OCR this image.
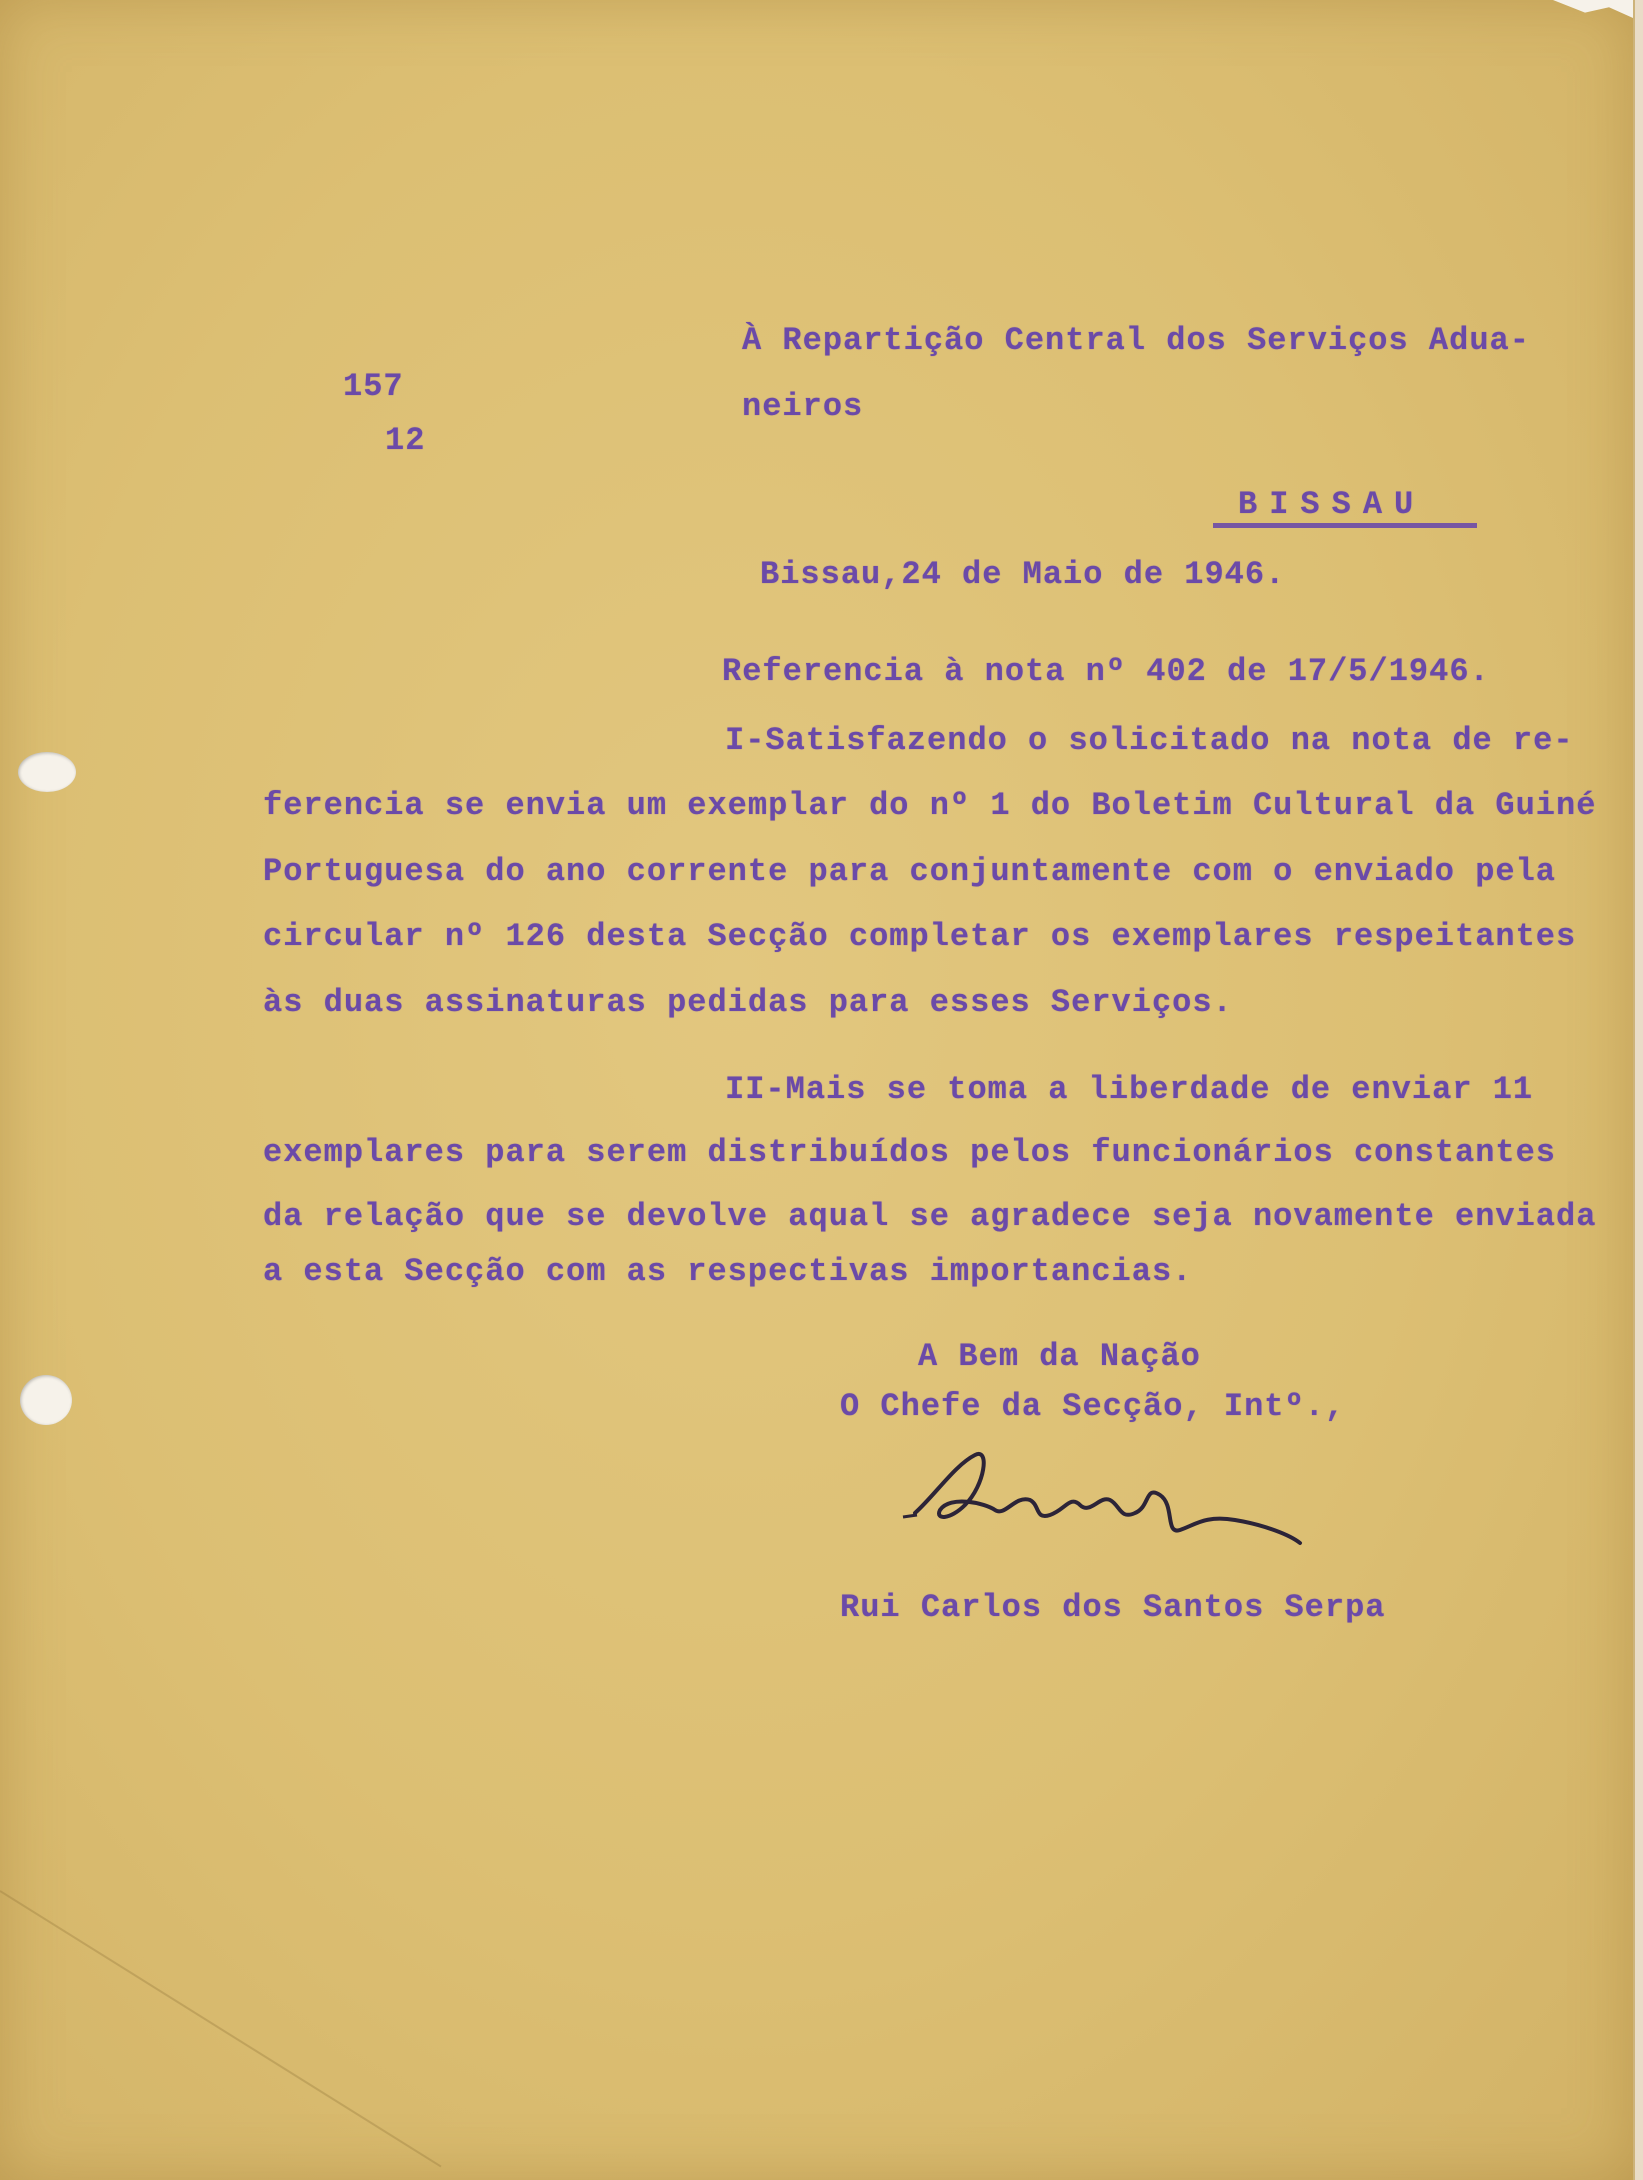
157
12
À Repartição Central dos Serviços Adua-
neiros
BISSAU
Bissau,24 de Maio de 1946.
Referencia à nota nº 402 de 17/5/1946.
I-Satisfazendo o solicitado na nota de re-
ferencia se envia um exemplar do nº 1 do Boletim Cultural da Guiné
Portuguesa do ano corrente para conjuntamente com o enviado pela
circular nº 126 desta Secção completar os exemplares respeitantes
às duas assinaturas pedidas para esses Serviços.
II-Mais se toma a liberdade de enviar 11
exemplares para serem distribuídos pelos funcionários constantes
da relação que se devolve aqual se agradece seja novamente enviada
a esta Secção com as respectivas importancias.
A Bem da Nação
O Chefe da Secção, Intº.,
Rui Carlos dos Santos Serpa
